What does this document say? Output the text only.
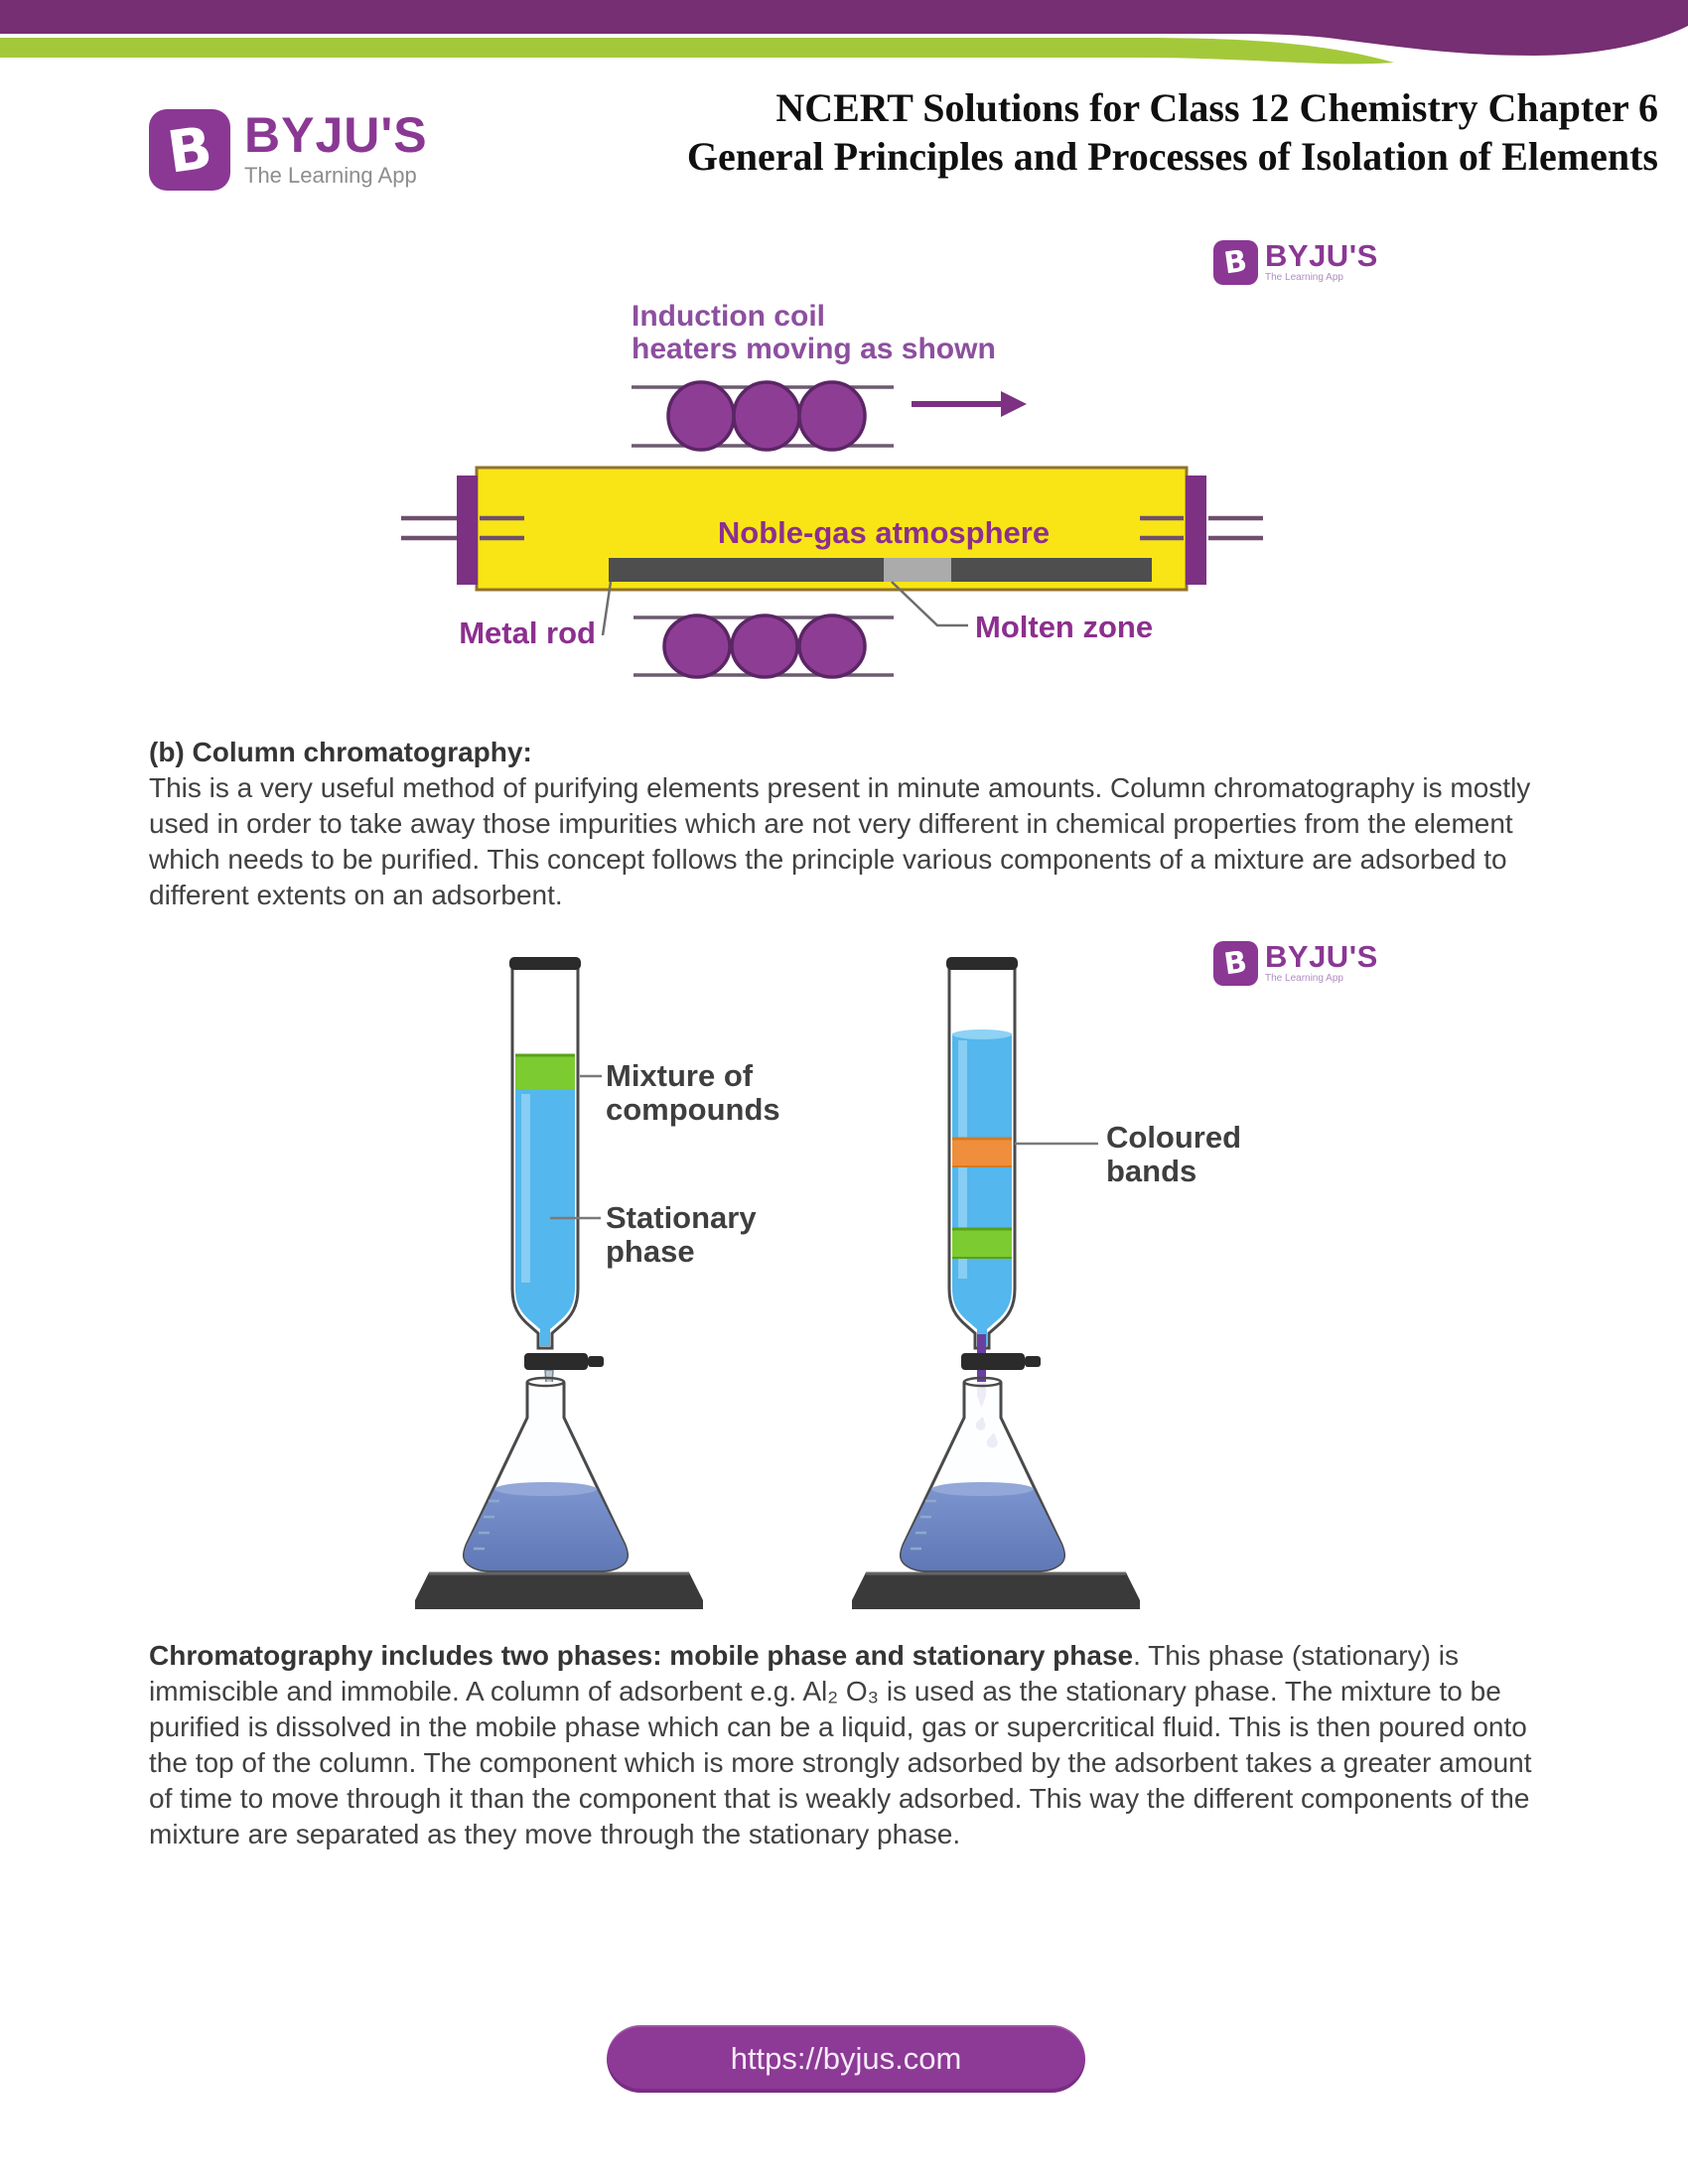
B BYJU'S
The Learning App
NCERT Solutions for Class 12 Chemistry Chapter 6
General Principles and Processes of Isolation of Elements
B BYJU'S
The Learning App
Induction coil
heaters moving as shown
Noble-gas atmosphere
Metal rod	Molten zone
(b) Column chromatography:
This is a very useful method of purifying elements present in minute amounts. Column chromatography is mostly used in order to take away those impurities which are not very different in chemical properties from the element which needs to be purified. This concept follows the principle various components of a mixture are adsorbed to different extents on an adsorbent.
B BYJU'S
The Learning App
Mixture of
compounds
Stationary
phase
Coloured
bands
Chromatography includes two phases: mobile phase and stationary phase. This phase (stationary) is immiscible and immobile. A column of adsorbent e.g. Al₂ O₃ is used as the stationary phase. The mixture to be purified is dissolved in the mobile phase which can be a liquid, gas or supercritical fluid. This is then poured onto the top of the column. The component which is more strongly adsorbed by the adsorbent takes a greater amount of time to move through it than the component that is weakly adsorbed. This way the different components of the mixture are separated as they move through the stationary phase.
https://byjus.com
